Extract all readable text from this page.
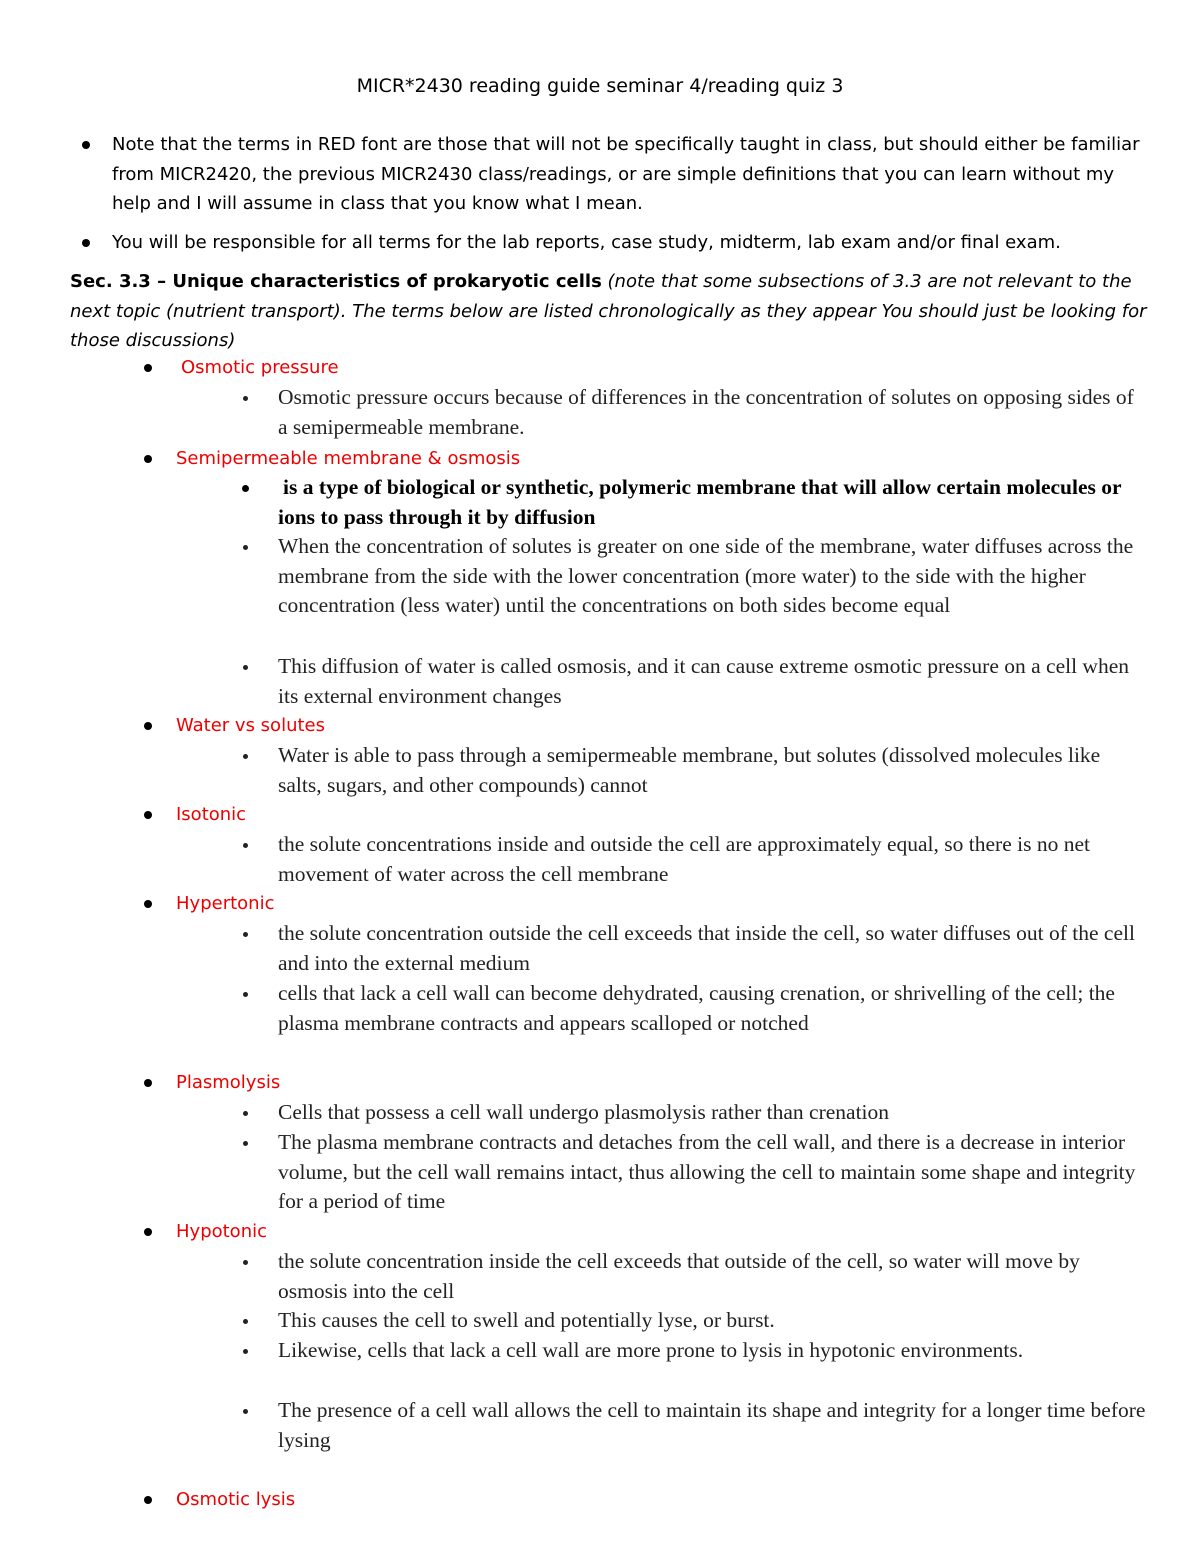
MICR*2430 reading guide seminar 4/reading quiz 3
Note that the terms in RED font are those that will not be specifically taught in class, but should either be familiar from MICR2420, the previous MICR2430 class/readings, or are simple definitions that you can learn without my help and I will assume in class that you know what I mean.
You will be responsible for all terms for the lab reports, case study, midterm, lab exam and/or final exam.
Sec. 3.3 – Unique characteristics of prokaryotic cells (note that some subsections of 3.3 are not relevant to the next topic (nutrient transport). The terms below are listed chronologically as they appear You should just be looking for those discussions)
Osmotic pressure
Osmotic pressure occurs because of differences in the concentration of solutes on opposing sides of a semipermeable membrane.
Semipermeable membrane & osmosis
is a type of biological or synthetic, polymeric membrane that will allow certain molecules or ions to pass through it by diffusion
When the concentration of solutes is greater on one side of the membrane, water diffuses across the membrane from the side with the lower concentration (more water) to the side with the higher concentration (less water) until the concentrations on both sides become equal
This diffusion of water is called osmosis, and it can cause extreme osmotic pressure on a cell when its external environment changes
Water vs solutes
Water is able to pass through a semipermeable membrane, but solutes (dissolved molecules like salts, sugars, and other compounds) cannot
Isotonic
the solute concentrations inside and outside the cell are approximately equal, so there is no net movement of water across the cell membrane
Hypertonic
the solute concentration outside the cell exceeds that inside the cell, so water diffuses out of the cell and into the external medium
cells that lack a cell wall can become dehydrated, causing crenation, or shrivelling of the cell; the plasma membrane contracts and appears scalloped or notched
Plasmolysis
Cells that possess a cell wall undergo plasmolysis rather than crenation
The plasma membrane contracts and detaches from the cell wall, and there is a decrease in interior volume, but the cell wall remains intact, thus allowing the cell to maintain some shape and integrity for a period of time
Hypotonic
the solute concentration inside the cell exceeds that outside of the cell, so water will move by osmosis into the cell
This causes the cell to swell and potentially lyse, or burst.
Likewise, cells that lack a cell wall are more prone to lysis in hypotonic environments.
The presence of a cell wall allows the cell to maintain its shape and integrity for a longer time before lysing
Osmotic lysis
